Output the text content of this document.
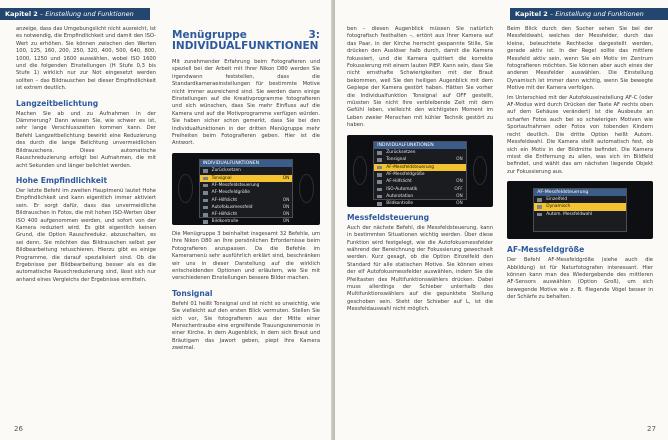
Kapitel 2 – Einstellung und Funktionen

anzeige, dass das Umgebungslicht nicht ausreicht, ist es notwendig, die Empfindlichkeit und damit den ISO-Wert zu erhöhen. Sie können zwischen den Werten 100, 125, 160, 200, 250, 320, 400, 500, 640, 800, 1000, 1250 und 1600 auswählen, wobei ISO 1600 und die folgenden Einstellungen (H Stufe 0,3 bis Stufe 1) wirklich nur zur Not eingesetzt werden sollten – das Bildrauschen bei dieser Empfindlichkeit ist extrem deutlich.

Langzeitbelichtung

Machen Sie ab und zu Aufnahmen in der Dämmerung? Dann wissen Sie, wie schwer es ist, sehr lange Verschlusszeiten kommen kann. Der Befehl Langzeitbelichtung bewirkt eine Reduzierung des durch die lange Belichtung unvermeidlichen Bildrauschens. Diese automatische Rauschreduzierung erfolgt bei Aufnahmen, die mit acht Sekunden und länger belichtet werden.

Hohe Empfindlichkeit

Der letzte Befehl im zweiten Hauptmenü lautet Hohe Empfindlichkeit und kann eigentlich immer aktiviert sein. Er sorgt dafür, dass das unvermeidliche Bildrauschen in Fotos, die mit hohen ISO-Werten über ISO 400 aufgenommen werden, und sofort von der Kamera reduziert wird. Es gibt eigentlich keinen Grund, die Option Rauschredukz. abzuschalten, es sei denn, Sie möchten das Bildrauschen selbst per Bildbearbeitung retuschieren. Hierzu gibt es einige Programme, die darauf spezialisiert sind. Ob die Ergebnisse per Bildbearbeitung besser als es die automatische Rauschreduzierung sind, lässt sich nur anhand eines Vergleichs der Ergebnisse ermitteln.

Menügruppe 3: INDIVIDUALFUNKTIONEN

Mit zunehmender Erfahrung beim Fotografieren und speziell bei der Arbeit mit Ihrer Nikon D80 werden Sie irgendwann feststellen, dass die Standardkameraeinstellungen für bestimmte Motive nicht immer ausreichend sind. Sie werden dann einige Einstellungen auf die Kreativprogramme fotografieren und sich wünschen, dass Sie mehr Einfluss auf die Kamera und auf die Motivprogramme verfügen würden. Sie haben sicher schon gemerkt, dass Sie bei den Individualfunktionen in der dritten Menügruppe mehr Freiheiten beim Fotografieren geben. Hier ist die Antwort.

INDIVIDUALFUNKTIONEN
Zurücksetzen
Tonsignal	ON
AF-Messfeldsteuerung
AF-Messfeldgröße
AF-Hilfslicht	ON
Autofokusmessfeld	ON
AF-Hilfslicht	ON
Bildkontrolle	ON

Die Menügruppe 3 beinhaltet insgesamt 32 Befehle, um Ihre Nikon D80 an Ihre persönlichen Erfordernisse beim Fotografieren anzupassen. Da die Befehle im Kameramenü sehr ausführlich erklärt sind, beschränken wir uns in dieser Darstellung auf die wirklich entscheidenden Optionen und erläutern, wie Sie mit verschiedenen Einstellungen bessere Bilder machen.

Tonsignal

Befehl 01 heißt Tonsignal und ist nicht so unwichtig, wie Sie vielleicht auf den ersten Blick vermuten. Stellen Sie sich vor, Sie fotografieren aus der Mitte einer Menschentraube eine ergreifende Trauungszeremonie in einer Kirche. In dem Augenblick, in dem sich Braut und Bräutigam das Jawort geben, piept Ihre Kamera zweimal.

26
Kapitel 2 – Einstellung und Funktionen

ben – diesen Augenblick müssen Sie natürlich fotografisch festhalten –, ertönt aus Ihrer Kamera auf das Paar, in der Kirche herrscht gespannte Stille, Sie drücken den Auslöser halb durch, damit die Kamera fokussiert, und die Kamera quittiert die korrekte Fokussierung mit einem lauten PIEP. Kann sein, dass Sie nicht ernsthafte Schwierigkeiten mit der Braut bekommen, weil Sie den heiligen Augenblick mit dem Gepiepe der Kamera gestört haben. Hätten Sie vorher die Individualfunktion Tonsignal auf OFF gestellt, müssten Sie nicht Ihre verbleibende Zeit mit dem Gefühl leben, vielleicht den wichtigsten Moment im Leben zweier Menschen mit kühler Technik gestört zu haben.

INDIVIDUALFUNKTIONEN
Zurücksetzen
Tonsignal	ON
AF-Messfeldsteuerung
AF-Messfeldgröße
AF-Hilfslicht	ON
ISO-Automatik	OFF
Autorotation	ON
Bildkontrolle	ON
Messfeldsteuerung

Auch der nächste Befehl, die Messfeldsteuerung, kann in bestimmten Situationen wichtig werden. Über diese Funktion wird festgelegt, wie die Autofokusmessfelder während der Bereichnung der Fokussierung gewechselt werden. Kurz gesagt, ob die Option Einzelfeld den Standard für alle statischen Motive. Sie können eines der elf Autofokusmessfelder auswählen, indem Sie die Pfeiltasten des Multifunktionswählers drücken. Dabei muss allerdings der Schieber unterhalb des Multifunktionswählers auf die gepunktete Stellung geschoben sein. Steht der Schieber auf L, ist die Messfeldauswahl nicht möglich.

Beim Blick durch den Sucher sehen Sie bei der Messfeldwahl, welches der Messfelder, durch das kleine, beleuchtete Rechtecke dargestellt werden, gerade aktiv ist. In der Regel sollte das mittlere Messfeld aktiv sein, wenn Sie ein Motiv im Zentrum fotografieren möchten. Sie können aber auch eines der anderen Messfelder auswählen. Die Einstellung Dynamisch ist immer dann wichtig, wenn Sie bewegte Motive mit der Kamera verfolgen.

Im Unterschied mit der Autofokuseinstellung AF-C (oder AF-Modus wird durch Drücken der Taste AF rechts oben auf dem Gehäuse verändert) ist die Ausbeute an scharfen Fotos auch bei so schwierigen Motiven wie Sportaufnahmen oder Fotos von tobenden Kindern recht deutlich. Die dritte Option heißt Autom. Messfeldwahl. Die Kamera stellt automatisch fest, ob sich ein Motiv in der Bildmitte befindet. Die Kamera misst die Entfernung zu allen, was sich im Bildfeld befindet, und wählt das am nächsten liegende Objekt zur Fokussierung aus.

AF-Messfeldsteuerung
Einzelfeld
Dynamisch
Autom. Messfeldwahl
AF-Messfeldgröße

Der Befehl AF-Messfeldgröße (siehe auch die Abbildung) ist für Naturfotografen interessant. Hier können kann man des Wiedergebende des mittleren AF-Sensors auswählen (Option Groß), um sich bewegende Motive wie z. B. fliegende Vögel besser in der Schärfe zu behalten.

27
